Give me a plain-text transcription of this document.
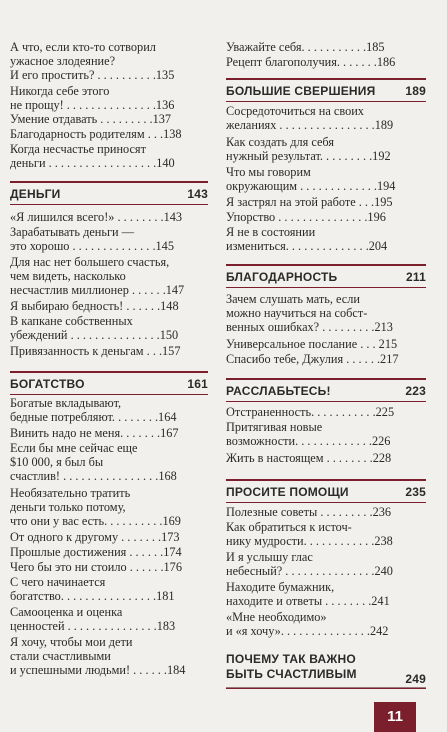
А что, если кто-то сотворил
ужасное злодеяние?
И его простить? . . . . . . . . . .135
Никогда себе этого
не прощу! . . . . . . . . . . . . . . .136
Умение отдавать . . . . . . . . .137
Благодарность родителям . . .138
Когда несчастье приносят
деньги . . . . . . . . . . . . . . . . . .140
ДЕНЬГИ	143
«Я лишился всего!» . . . . . . . .143
Зарабатывать деньги —
это хорошо . . . . . . . . . . . . . .145
Для нас нет большего счастья,
чем видеть, насколько
несчастлив миллионер . . . . . .147
Я выбираю бедность! . . . . . .148
В капкане собственных
убеждений . . . . . . . . . . . . . . .150
Привязанность к деньгам . . .157
БОГАТСТВО	161
Богатые вкладывают,
бедные потребляют. . . . . . . .164
Винить надо не меня. . . . . . .167
Если бы мне сейчас еще
$10 000, я был бы
счастлив! . . . . . . . . . . . . . . . .168
Необязательно тратить
деньги только потому,
что они у вас есть. . . . . . . . . .169
От одного к другому . . . . . . .173
Прошлые достижения . . . . . .174
Чего бы это ни стоило . . . . . .176
С чего начинается
богатство. . . . . . . . . . . . . . . .181
Самооценка и оценка
ценностей . . . . . . . . . . . . . . .183
Я хочу, чтобы мои дети
стали счастливыми
и успешными людьми! . . . . . .184
Уважайте себя. . . . . . . . . . .185
Рецепт благополучия. . . . . . .186
БОЛЬШИЕ СВЕРШЕНИЯ 189
Сосредоточиться на своих
желаниях . . . . . . . . . . . . . . . .189
Как создать для себя
нужный результат. . . . . . . . .192
Что мы говорим
окружающим . . . . . . . . . . . . .194
Я застрял на этой работе . . .195
Упорство . . . . . . . . . . . . . . .196
Я не в состоянии
измениться. . . . . . . . . . . . . .204
БЛАГОДАРНОСТЬ	211
Зачем слушать мать, если
можно научиться на собст-
венных ошибках? . . . . . . . . .213
Универсальное послание . . . 215
Спасибо тебе, Джулия . . . . . .217
РАССЛАБЬТЕСЬ!	223
Отстраненность. . . . . . . . . . .225
Притягивая новые
возможности. . . . . . . . . . . . .226
Жить в настоящем . . . . . . . .228
ПРОСИТЕ ПОМОЩИ	235
Полезные советы . . . . . . . . .236
Как обратиться к источ-
нику мудрости. . . . . . . . . . . .238
И я услышу глас
небесный? . . . . . . . . . . . . . . .240
Находите бумажник,
находите и ответы . . . . . . . .241
«Мне необходимо»
и «я хочу». . . . . . . . . . . . . . .242
ПОЧЕМУ ТАК ВАЖНО
БЫТЬ СЧАСТЛИВЫМ	249
11
